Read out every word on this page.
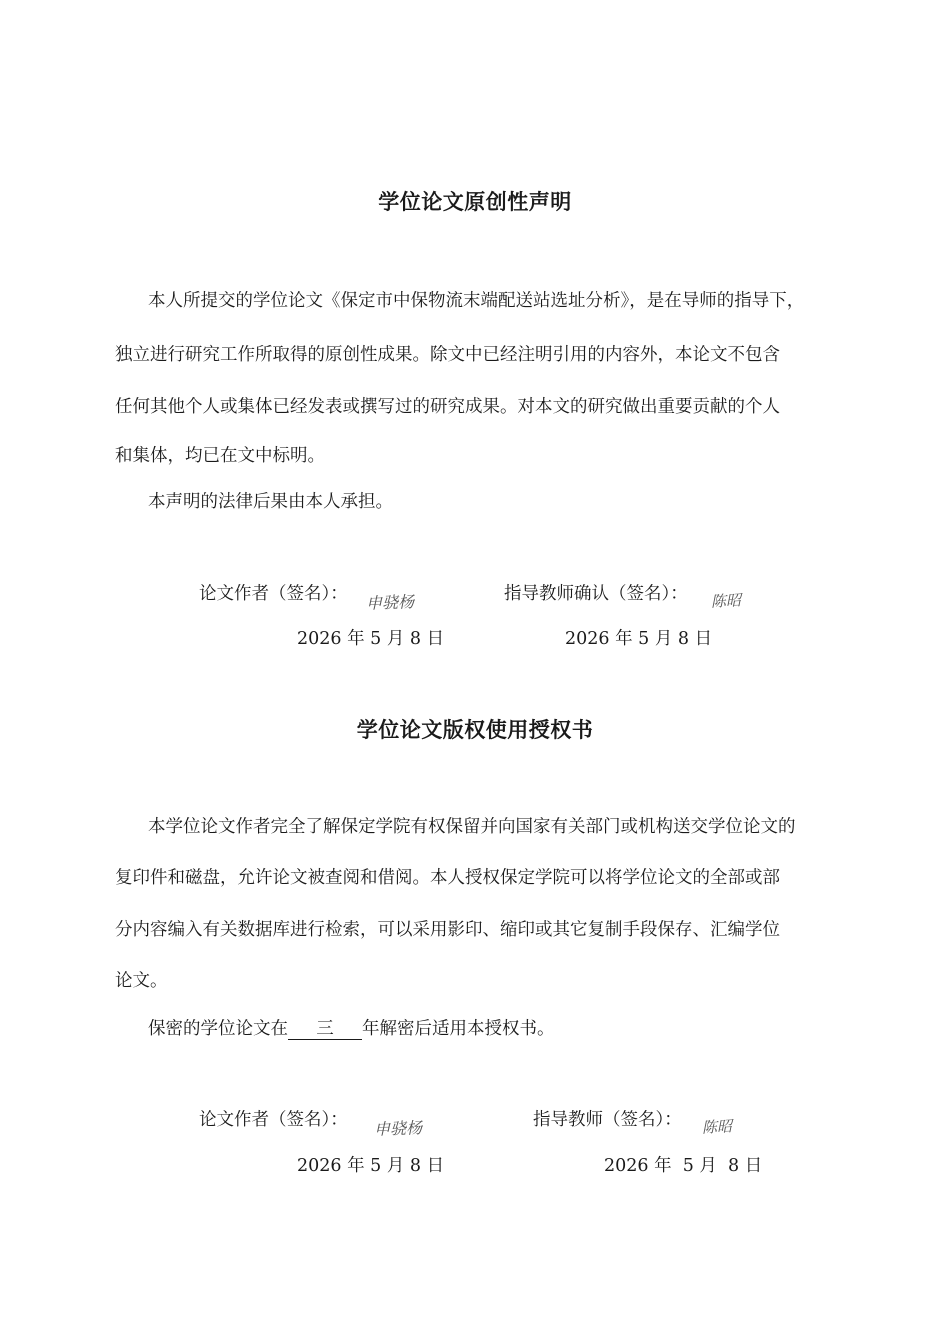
学位论文原创性声明

本人所提交的学位论文《保定市中保物流末端配送站选址分析》，是在导师的指导下，

独立进行研究工作所取得的原创性成果。除文中已经注明引用的内容外，本论文不包含

任何其他个人或集体已经发表或撰写过的研究成果。对本文的研究做出重要贡献的个人

和集体，均已在文中标明。

本声明的法律后果由本人承担。

论文作者（签名）： 申骁杨	指导教师确认（签名）： 陈昭
2026 年 5 月 8 日	2026 年 5 月 8 日
学位论文版权使用授权书

本学位论文作者完全了解保定学院有权保留并向国家有关部门或机构送交学位论文的

复印件和磁盘，允许论文被查阅和借阅。本人授权保定学院可以将学位论文的全部或部

分内容编入有关数据库进行检索，可以采用影印、缩印或其它复制手段保存、汇编学位

论文。

保密的学位论文在 三 年解密后适用本授权书。

论文作者（签名）： 申骁杨	指导教师（签名）： 陈昭
2026 年 5 月 8 日	2026 年  5 月  8 日
